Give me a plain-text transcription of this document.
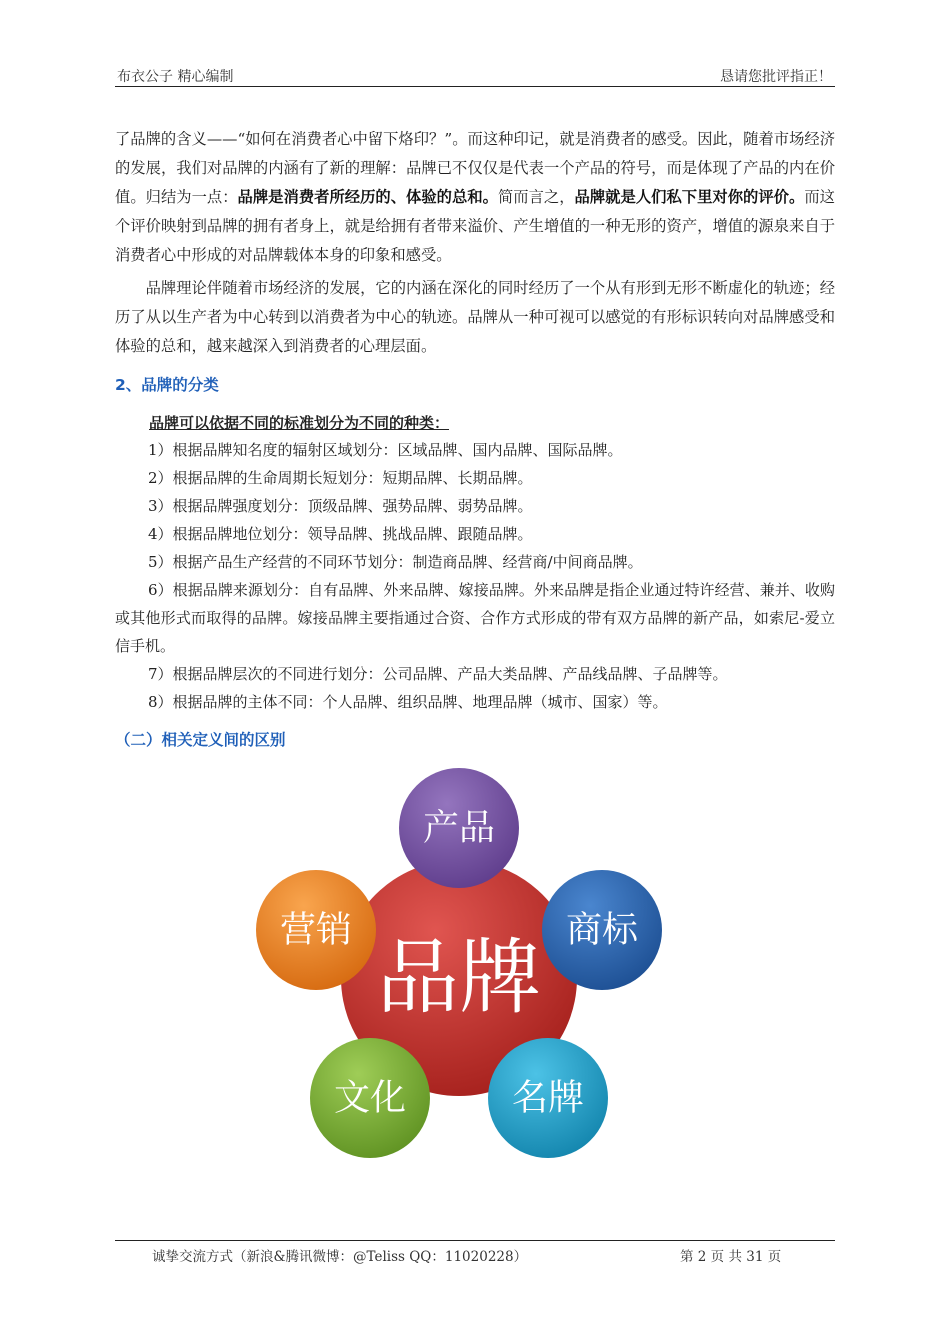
布衣公子 精心编制	恳请您批评指正！

了品牌的含义——“如何在消费者心中留下烙印？”。而这种印记，就是消费者的感受。因此，随着市场经济的发展，我们对品牌的内涵有了新的理解：品牌已不仅仅是代表一个产品的符号，而是体现了产品的内在价值。归结为一点：品牌是消费者所经历的、体验的总和。简而言之，品牌就是人们私下里对你的评价。而这个评价映射到品牌的拥有者身上，就是给拥有者带来溢价、产生增值的一种无形的资产，增值的源泉来自于消费者心中形成的对品牌载体本身的印象和感受。

品牌理论伴随着市场经济的发展，它的内涵在深化的同时经历了一个从有形到无形不断虚化的轨迹；经历了从以生产者为中心转到以消费者为中心的轨迹。品牌从一种可视可以感觉的有形标识转向对品牌感受和体验的总和，越来越深入到消费者的心理层面。

2、品牌的分类
品牌可以依据不同的标准划分为不同的种类：
1）根据品牌知名度的辐射区域划分：区域品牌、国内品牌、国际品牌。
2）根据品牌的生命周期长短划分：短期品牌、长期品牌。
3）根据品牌强度划分：顶级品牌、强势品牌、弱势品牌。
4）根据品牌地位划分：领导品牌、挑战品牌、跟随品牌。
5）根据产品生产经营的不同环节划分：制造商品牌、经营商/中间商品牌。

6）根据品牌来源划分：自有品牌、外来品牌、嫁接品牌。外来品牌是指企业通过特许经营、兼并、收购或其他形式而取得的品牌。嫁接品牌主要指通过合资、合作方式形成的带有双方品牌的新产品，如索尼-爱立信手机。

7）根据品牌层次的不同进行划分：公司品牌、产品大类品牌、产品线品牌、子品牌等。
8）根据品牌的主体不同：个人品牌、组织品牌、地理品牌（城市、国家）等。
（二）相关定义间的区别
品牌
产品
商标
名牌
文化
营销
诚挚交流方式（新浪&腾讯微博：@Teliss QQ：11020228）	第 2 页 共 31 页
